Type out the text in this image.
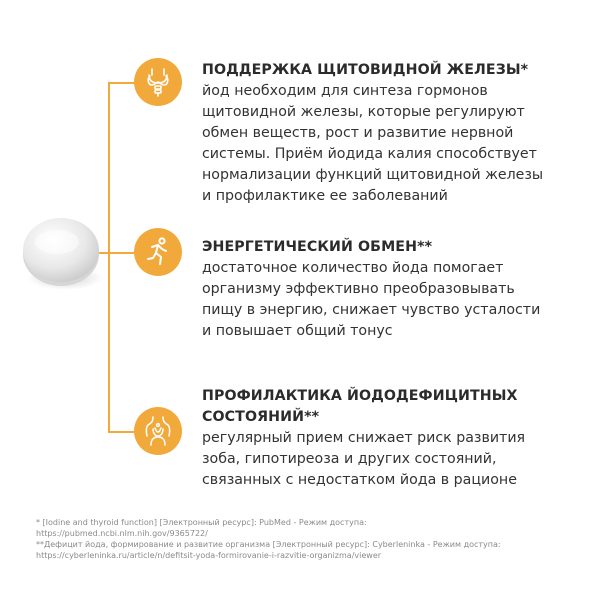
ПОДДЕРЖКА ЩИТОВИДНОЙ ЖЕЛЕЗЫ*
йод необходим для синтеза гормонов
щитовидной железы, которые регулируют
обмен веществ, рост и развитие нервной
системы. Приём йодида калия способствует
нормализации функций щитовидной железы
и профилактике ее заболеваний
ЭНЕРГЕТИЧЕСКИЙ ОБМЕН**
достаточное количество йода помогает
организму эффективно преобразовывать
пищу в энергию, снижает чувство усталости
и повышает общий тонус
ПРОФИЛАКТИКА ЙОДОДЕФИЦИТНЫХ
СОСТОЯНИЙ**
регулярный прием снижает риск развития
зоба, гипотиреоза и других состояний,
связанных с недостатком йода в рационе
* [Iodine and thyroid function] [Электронный ресурс]: PubMed - Режим доступа:
https://pubmed.ncbi.nlm.nih.gov/9365722/
**Дефицит йода, формирование и развитие организма [Электронный ресурс]: Cyberleninka - Режим доступа:
https://cyberleninka.ru/article/n/defitsit-yoda-formirovanie-i-razvitie-organizma/viewer
